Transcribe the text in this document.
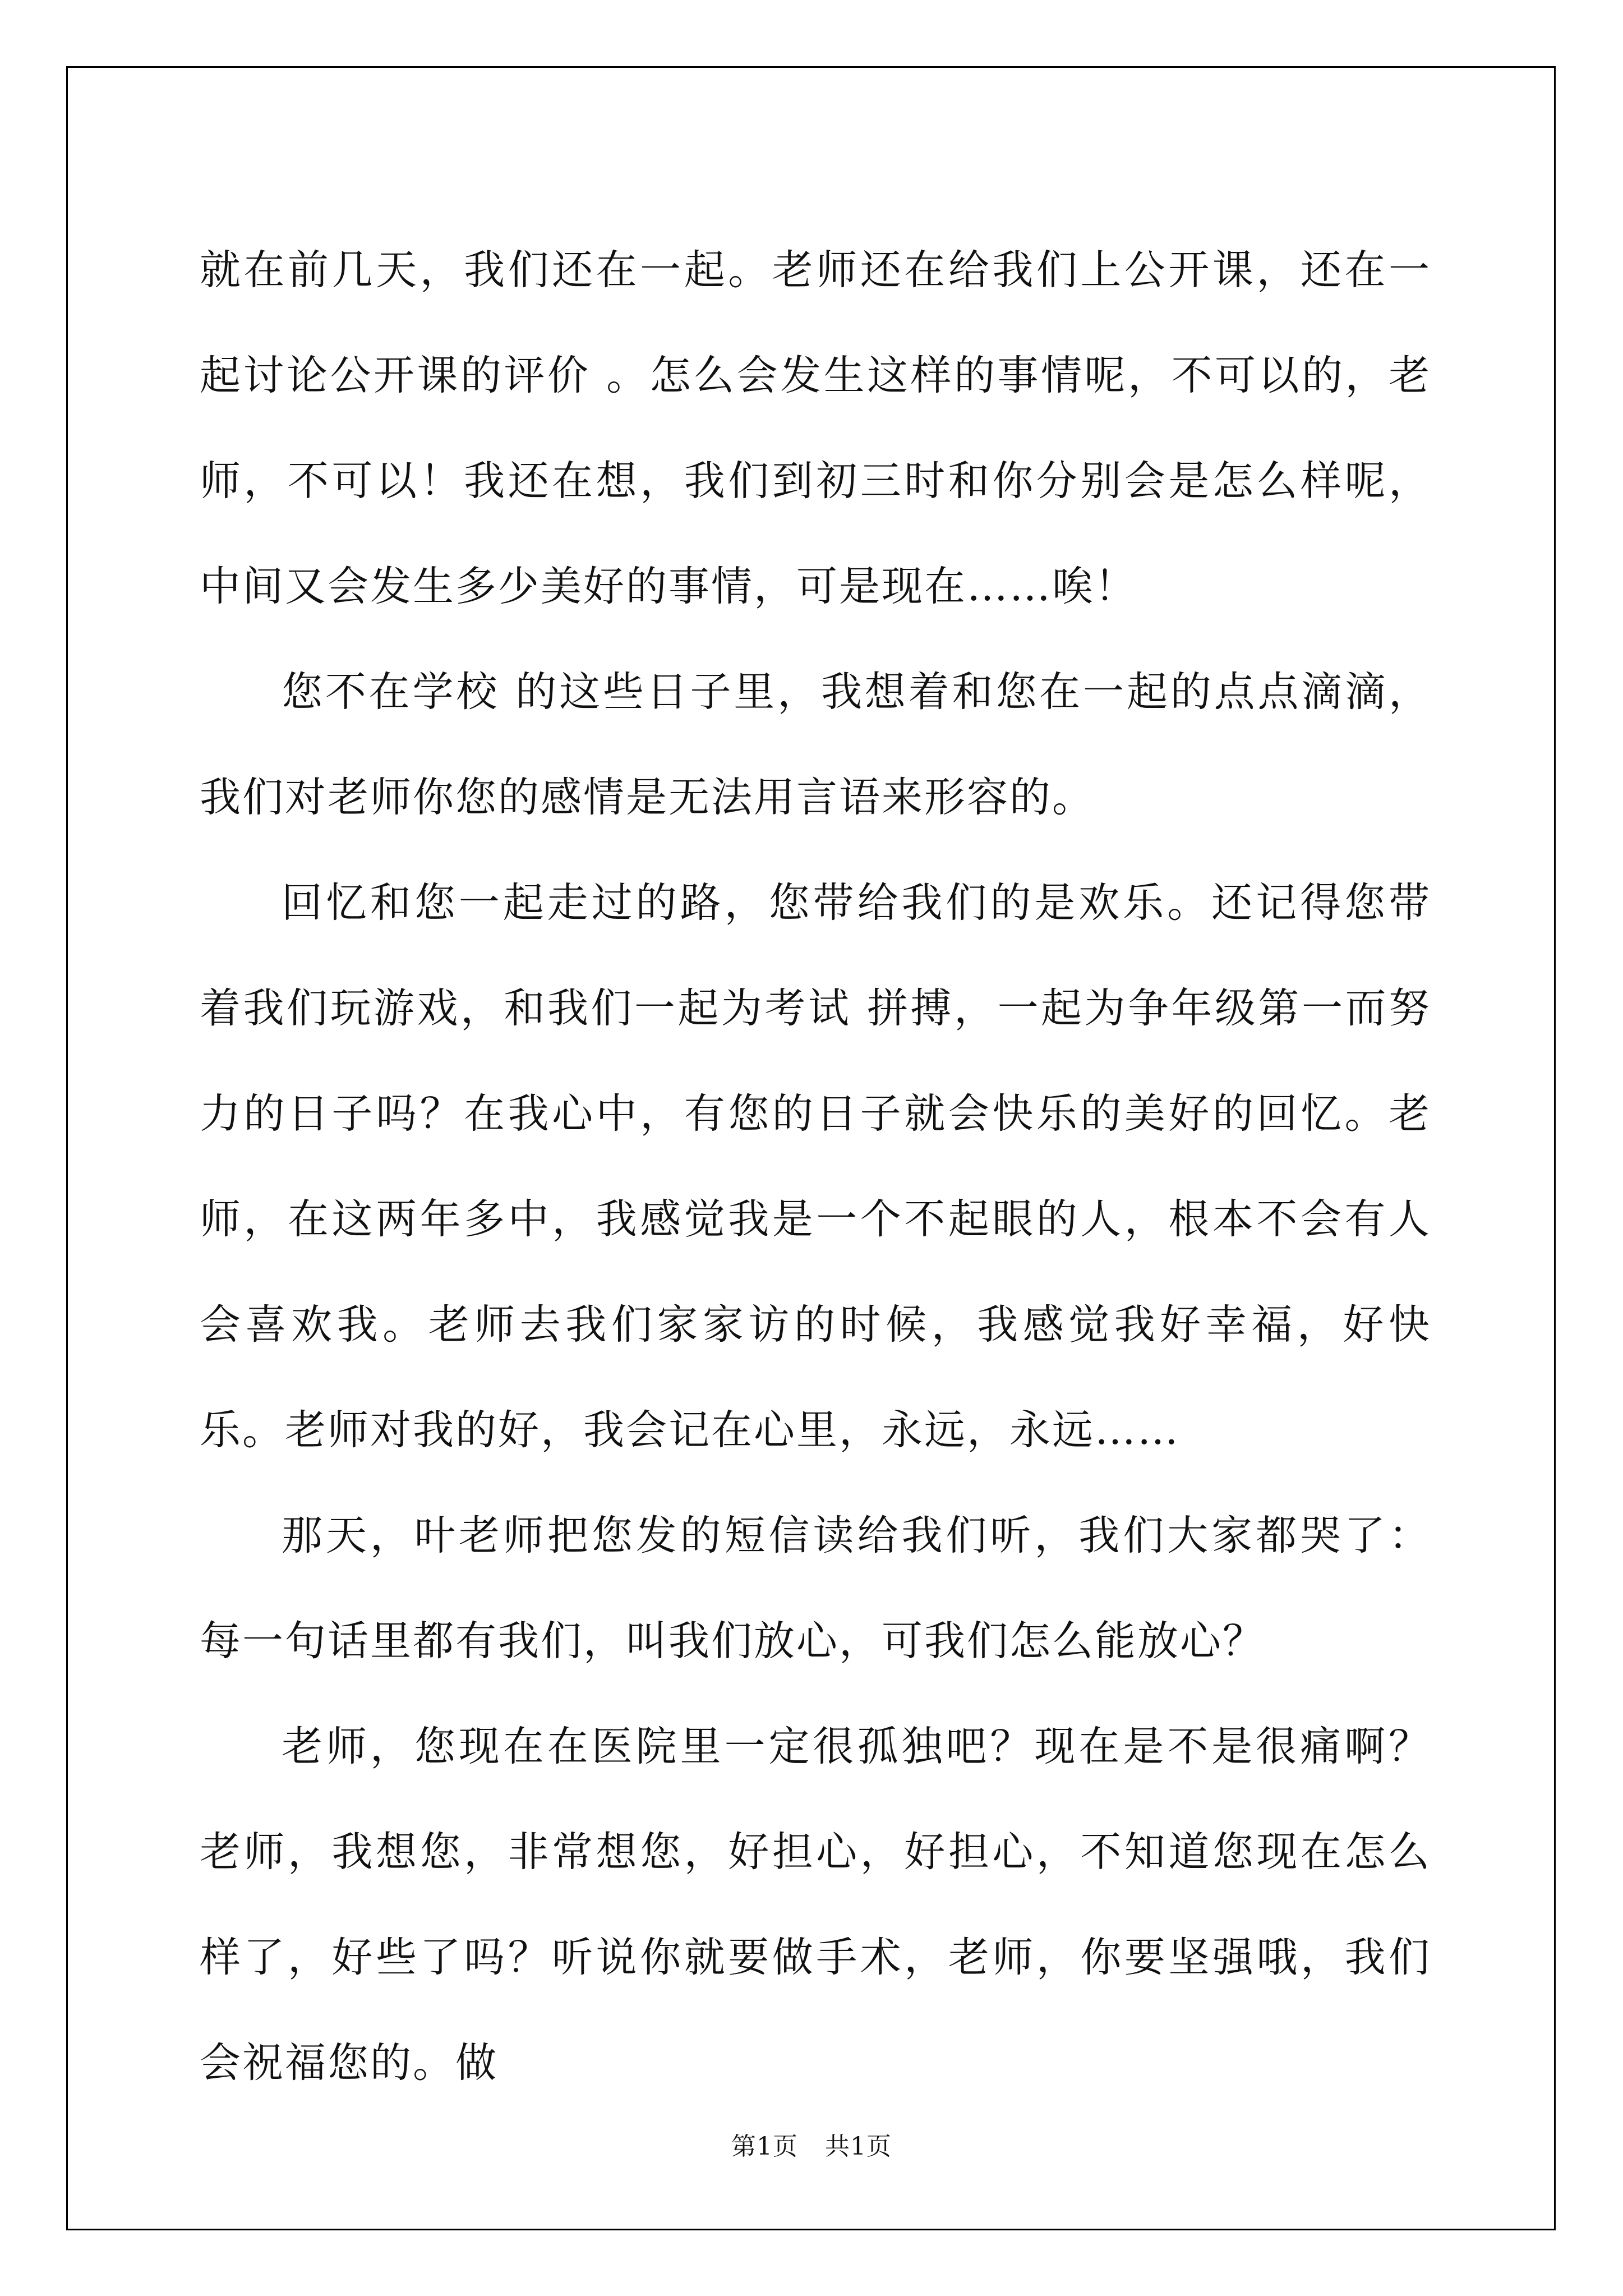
就在前几天，我们还在一起。老师还在给我们上公开课，还在一起讨论公开课的评价 。怎么会发生这样的事情呢，不可以的，老师，不可以！我还在想，我们到初三时和你分别会是怎么样呢，中间又会发生多少美好的事情，可是现在……唉！

您不在学校 的这些日子里，我想着和您在一起的点点滴滴，我们对老师你您的感情是无法用言语来形容的。

回忆和您一起走过的路，您带给我们的是欢乐。还记得您带着我们玩游戏，和我们一起为考试 拼搏，一起为争年级第一而努力的日子吗？在我心中，有您的日子就会快乐的美好的回忆。老师，在这两年多中，我感觉我是一个不起眼的人，根本不会有人会喜欢我。老师去我们家家访的时候，我感觉我好幸福，好快乐。老师对我的好，我会记在心里，永远，永远……

那天，叶老师把您发的短信读给我们听，我们大家都哭了：每一句话里都有我们，叫我们放心，可我们怎么能放心？

老师，您现在在医院里一定很孤独吧？现在是不是很痛啊？老师，我想您，非常想您，好担心，好担心，不知道您现在怎么样了，好些了吗？听说你就要做手术，老师，你要坚强哦，我们会祝福您的。做

第1页 共1页
